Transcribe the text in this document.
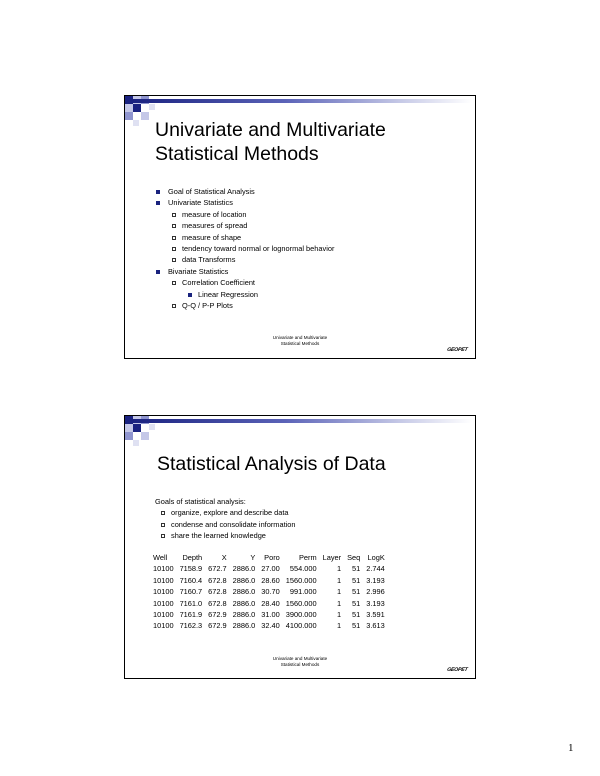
Univariate and Multivariate
Statistical Methods
Goal of Statistical Analysis
Univariate Statistics
measure of location
measures of spread
measure of shape
tendency toward normal or lognormal behavior
data Transforms
Bivariate Statistics
Correlation Coefficient
Linear Regression
Q-Q / P-P Plots
Univariate and Multivariate
Statistical Methods
GEOPET
Statistical Analysis of Data
Goals of statistical analysis:
organize, explore and describe data
condense and consolidate information
share the learned knowledge
Well	Depth	X	Y	Poro	Perm	Layer	Seq	LogK
10100	7158.9	672.7	2886.0	27.00	554.000	1	51	2.744
10100	7160.4	672.8	2886.0	28.60	1560.000	1	51	3.193
10100	7160.7	672.8	2886.0	30.70	991.000	1	51	2.996
10100	7161.0	672.8	2886.0	28.40	1560.000	1	51	3.193
10100	7161.9	672.9	2886.0	31.00	3900.000	1	51	3.591
10100	7162.3	672.9	2886.0	32.40	4100.000	1	51	3.613
Univariate and Multivariate
Statistical Methods
GEOPET
1
